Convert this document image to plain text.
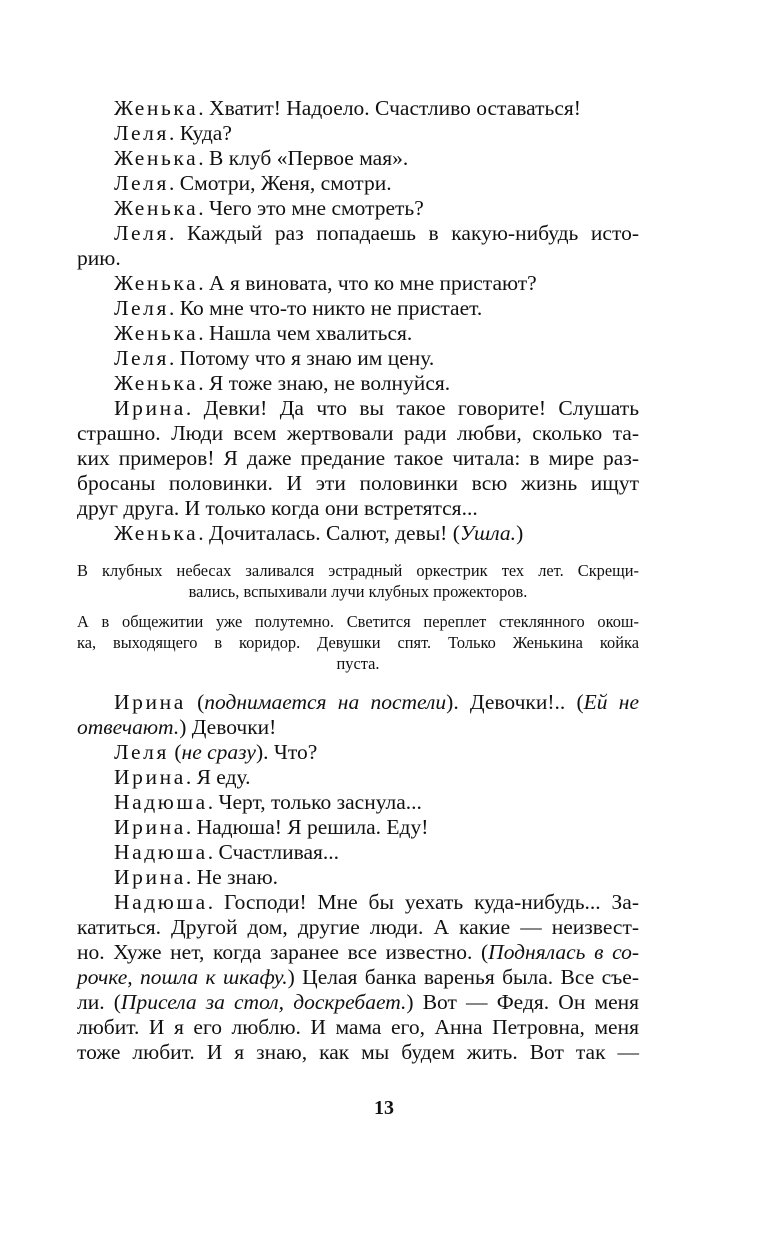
Женька. Хватит! Надоело. Счастливо оставаться!
Леля. Куда?
Женька. В клуб «Первое мая».
Леля. Смотри, Женя, смотри.
Женька. Чего это мне смотреть?
Леля. Каждый раз попадаешь в какую-нибудь исто-
рию.
Женька. А я виновата, что ко мне пристают?
Леля. Ко мне что-то никто не пристает.
Женька. Нашла чем хвалиться.
Леля. Потому что я знаю им цену.
Женька. Я тоже знаю, не волнуйся.
Ирина. Девки! Да что вы такое говорите! Слушать
страшно. Люди всем жертвовали ради любви, сколько та-
ких примеров! Я даже предание такое читала: в мире раз-
бросаны половинки. И эти половинки всю жизнь ищут
друг друга. И только когда они встретятся...
Женька. Дочиталась. Салют, девы! (Ушла.)
В клубных небесах заливался эстрадный оркестрик тех лет. Скрещи-
вались, вспыхивали лучи клубных прожекторов.
А в общежитии уже полутемно. Светится переплет стеклянного окош-
ка, выходящего в коридор. Девушки спят. Только Женькина койка
пуста.
Ирина (поднимается на постели). Девочки!.. (Ей не
отвечают.) Девочки!
Леля (не сразу). Что?
Ирина. Я еду.
Надюша. Черт, только заснула...
Ирина. Надюша! Я решила. Еду!
Надюша. Счастливая...
Ирина. Не знаю.
Надюша. Господи! Мне бы уехать куда-нибудь... За-
катиться. Другой дом, другие люди. А какие — неизвест-
но. Хуже нет, когда заранее все известно. (Поднялась в со-
рочке, пошла к шкафу.) Целая банка варенья была. Все съе-
ли. (Присела за стол, доскребает.) Вот — Федя. Он меня
любит. И я его люблю. И мама его, Анна Петровна, меня
тоже любит. И я знаю, как мы будем жить. Вот так —
13
